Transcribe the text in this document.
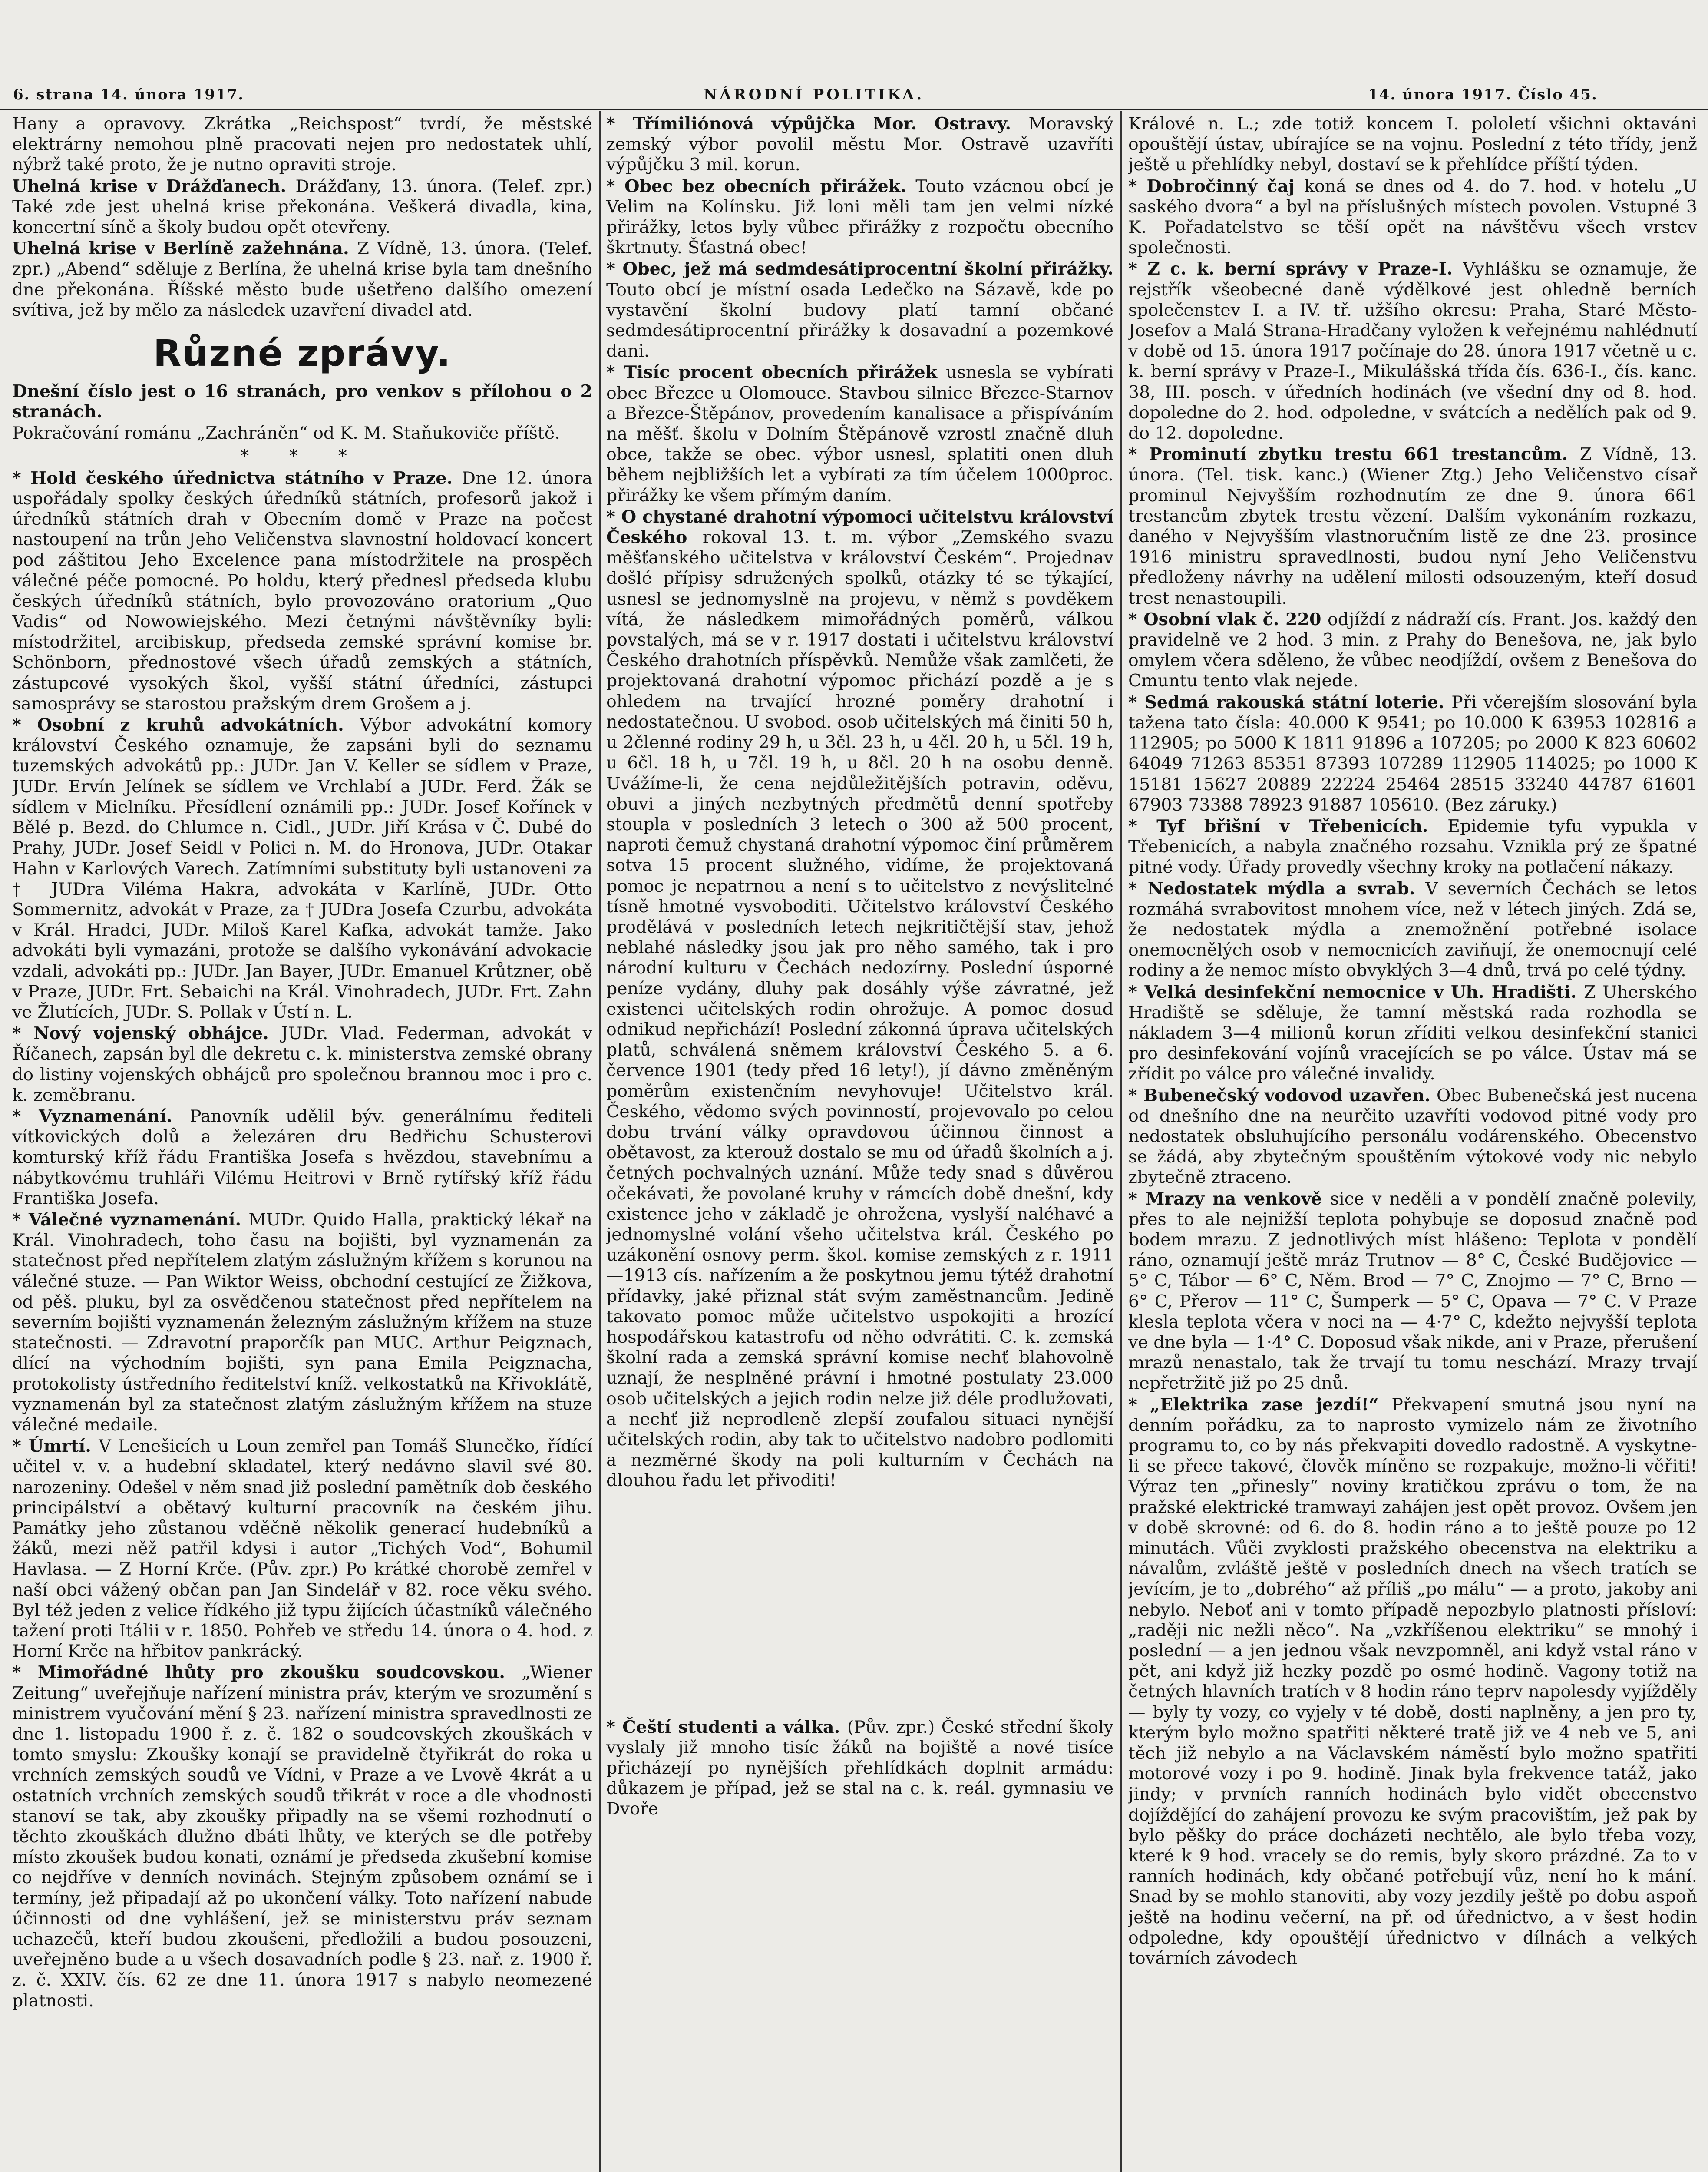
6. strana 14. února 1917.	NÁRODNÍ POLITIKA.	14. února 1917. Číslo 45.

Hany a opravovy. Zkrátka „Reichspost“ tvrdí, že městské elektrárny nemohou plně pracovati nejen pro nedostatek uhlí, nýbrž také proto, že je nutno opraviti stroje.

Uhelná krise v Drážďanech. Drážďany, 13. února. (Telef. zpr.) Také zde jest uhelná krise překonána. Veškerá divadla, kina, koncertní síně a školy budou opět otevřeny.

Uhelná krise v Berlíně zažehnána. Z Vídně, 13. února. (Telef. zpr.) „Abend“ sděluje z Berlína, že uhelná krise byla tam dnešního dne překonána. Říšské město bude ušetřeno dalšího omezení svítiva, jež by mělo za následek uzavření divadel atd.

Různé zprávy.

Dnešní číslo jest o 16 stranách, pro venkov s přílohou o 2 stranách.

Pokračování románu „Zachráněn“ od K. M. Staňukoviče příště.

* * *

* Hold českého úřednictva státního v Praze. Dne 12. února uspořádaly spolky českých úředníků státních, profesorů jakož i úředníků státních drah v Obecním domě v Praze na počest nastoupení na trůn Jeho Veličenstva slavnostní holdovací koncert pod záštitou Jeho Excelence pana místodržitele na prospěch válečné péče pomocné. Po holdu, který přednesl předseda klubu českých úředníků státních, bylo provozováno oratorium „Quo Vadis“ od Nowowiejského. Mezi četnými návštěvníky byli: místodržitel, arcibiskup, předseda zemské správní komise br. Schönborn, přednostové všech úřadů zemských a státních, zástupcové vysokých škol, vyšší státní úředníci, zástupci samosprávy se starostou pražským drem Grošem a j.

* Osobní z kruhů advokátních. Výbor advokátní komory království Českého oznamuje, že zapsáni byli do seznamu tuzemských advokátů pp.: JUDr. Jan V. Keller se sídlem v Praze, JUDr. Ervín Jelínek se sídlem ve Vrchlabí a JUDr. Ferd. Žák se sídlem v Mielníku. Přesídlení oznámili pp.: JUDr. Josef Kořínek v Bělé p. Bezd. do Chlumce n. Cidl., JUDr. Jiří Krása v Č. Dubé do Prahy, JUDr. Josef Seidl v Polici n. M. do Hronova, JUDr. Otakar Hahn v Karlových Varech. Zatímními substituty byli ustanoveni za † JUDra Viléma Hakra, advokáta v Karlíně, JUDr. Otto Sommernitz, advokát v Praze, za † JUDra Josefa Czurbu, advokáta v Král. Hradci, JUDr. Miloš Karel Kafka, advokát tamže. Jako advokáti byli vymazáni, protože se dalšího vykonávání advokacie vzdali, advokáti pp.: JUDr. Jan Bayer, JUDr. Emanuel Krůtzner, obě v Praze, JUDr. Frt. Sebaichi na Král. Vinohradech, JUDr. Frt. Zahn ve Žlutících, JUDr. S. Pollak v Ústí n. L.

* Nový vojenský obhájce. JUDr. Vlad. Federman, advokát v Říčanech, zapsán byl dle dekretu c. k. ministerstva zemské obrany do listiny vojenských obhájců pro společnou brannou moc i pro c. k. zeměbranu.

* Vyznamenání. Panovník udělil býv. generálnímu řediteli vítkovických dolů a železáren dru Bedřichu Schusterovi komturský kříž řádu Františka Josefa s hvězdou, stavebnímu a nábytkovému truhláři Vilému Heitrovi v Brně rytířský kříž řádu Františka Josefa.

* Válečné vyznamenání. MUDr. Quido Halla, praktický lékař na Král. Vinohradech, toho času na bojišti, byl vyznamenán za statečnost před nepřítelem zlatým záslužným křížem s korunou na válečné stuze. — Pan Wiktor Weiss, obchodní cestující ze Žižkova, od pěš. pluku, byl za osvědčenou statečnost před nepřítelem na severním bojišti vyznamenán železným záslužným křížem na stuze statečnosti. — Zdravotní praporčík pan MUC. Arthur Peigznach, dlící na východním bojišti, syn pana Emila Peigznacha, protokolisty ústředního ředitelství kníž. velkostatků na Křivoklátě, vyznamenán byl za statečnost zlatým záslužným křížem na stuze válečné medaile.

* Úmrtí. V Lenešicích u Loun zemřel pan Tomáš Slunečko, řídící učitel v. v. a hudební skladatel, který nedávno slavil své 80. narozeniny. Odešel v něm snad již poslední pamětník dob českého principálství a obětavý kulturní pracovník na českém jihu. Památky jeho zůstanou vděčně několik generací hudebníků a žáků, mezi něž patřil kdysi i autor „Tichých Vod“, Bohumil Havlasa. — Z Horní Krče. (Pův. zpr.) Po krátké chorobě zemřel v naší obci vážený občan pan Jan Sindelář v 82. roce věku svého. Byl též jeden z velice řídkého již typu žijících účastníků válečného tažení proti Itálii v r. 1850. Pohřeb ve středu 14. února o 4. hod. z Horní Krče na hřbitov pankrácký.

* Mimořádné lhůty pro zkoušku soudcovskou. „Wiener Zeitung“ uveřejňuje nařízení ministra práv, kterým ve srozumění s ministrem vyučování mění § 23. nařízení ministra spravedlnosti ze dne 1. listopadu 1900 ř. z. č. 182 o soudcovských zkouškách v tomto smyslu: Zkoušky konají se pravidelně čtyřikrát do roka u vrchních zemských soudů ve Vídni, v Praze a ve Lvově 4krát a u ostatních vrchních zemských soudů třikrát v roce a dle vhodnosti stanoví se tak, aby zkoušky připadly na se všemi rozhodnutí o těchto zkouškách dlužno dbáti lhůty, ve kterých se dle potřeby místo zkoušek budou konati, oznámí je předseda zkušební komise co nejdříve v denních novinách. Stejným způsobem oznámí se i termíny, jež připadají až po ukončení války. Toto nařízení nabude účinnosti od dne vyhlášení, jež se ministerstvu práv seznam uchazečů, kteří budou zkoušeni, předložili a budou posouzeni, uveřejněno bude a u všech dosavadních podle § 23. nař. z. 1900 ř. z. č. XXIV. čís. 62 ze dne 11. února 1917 s nabylo neomezené platnosti.

* Třímiliónová výpůjčka Mor. Ostravy. Moravský zemský výbor povolil městu Mor. Ostravě uzavříti výpůjčku 3 mil. korun.

* Obec bez obecních přirážek. Touto vzácnou obcí je Velim na Kolínsku. Již loni měli tam jen velmi nízké přirážky, letos byly vůbec přirážky z rozpočtu obecního škrtnuty. Šťastná obec!

* Obec, jež má sedmdesátiprocentní školní přirážky. Touto obcí je místní osada Ledečko na Sázavě, kde po vystavění školní budovy platí tamní občané sedmdesátiprocentní přirážky k dosavadní a pozemkové dani.

* Tisíc procent obecních přirážek usnesla se vybírati obec Březce u Olomouce. Stavbou silnice Březce-Starnov a Březce-Štěpánov, provedením kanalisace a přispíváním na měšť. školu v Dolním Štěpánově vzrostl značně dluh obce, takže se obec. výbor usnesl, splatiti onen dluh během nejbližších let a vybírati za tím účelem 1000proc. přirážky ke všem přímým daním.

* O chystané drahotní výpomoci učitelstvu království Českého rokoval 13. t. m. výbor „Zemského svazu měšťanského učitelstva v království Českém“. Projednav došlé přípisy sdružených spolků, otázky té se týkající, usnesl se jednomyslně na projevu, v němž s povděkem vítá, že následkem mimořádných poměrů, válkou povstalých, má se v r. 1917 dostati i učitelstvu království Českého drahotních příspěvků. Nemůže však zamlčeti, že projektovaná drahotní výpomoc přichází pozdě a je s ohledem na trvající hrozné poměry drahotní i nedostatečnou. U svobod. osob učitelských má činiti 50 h, u 2členné rodiny 29 h, u 3čl. 23 h, u 4čl. 20 h, u 5čl. 19 h, u 6čl. 18 h, u 7čl. 19 h, u 8čl. 20 h na osobu denně. Uvážíme-li, že cena nejdůležitějších potravin, oděvu, obuvi a jiných nezbytných předmětů denní spotřeby stoupla v posledních 3 letech o 300 až 500 procent, naproti čemuž chystaná drahotní výpomoc činí průměrem sotva 15 procent služného, vidíme, že projektovaná pomoc je nepatrnou a není s to učitelstvo z nevýslitelné tísně hmotné vysvoboditi. Učitelstvo království Českého prodělává v posledních letech nejkritičtější stav, jehož neblahé následky jsou jak pro něho samého, tak i pro národní kulturu v Čechách nedozírny. Poslední úsporné peníze vydány, dluhy pak dosáhly výše závratné, jež existenci učitelských rodin ohrožuje. A pomoc dosud odnikud nepřichází! Poslední zákonná úprava učitelských platů, schválená sněmem království Českého 5. a 6. července 1901 (tedy před 16 lety!), jí dávno změněným poměrům existenčním nevyhovuje! Učitelstvo král. Českého, vědomo svých povinností, projevovalo po celou dobu trvání války opravdovou účinnou činnost a obětavost, za kterouž dostalo se mu od úřadů školních a j. četných pochvalných uznání. Může tedy snad s důvěrou očekávati, že povolané kruhy v rámcích době dnešní, kdy existence jeho v základě je ohrožena, vyslyší naléhavé a jednomyslné volání všeho učitelstva král. Českého po uzákonění osnovy perm. škol. komise zemských z r. 1911—1913 cís. nařízením a že poskytnou jemu týtéž drahotní přídavky, jaké přiznal stát svým zaměstnancům. Jedině takovato pomoc může učitelstvo uspokojiti a hrozící hospodářskou katastrofu od něho odvrátiti. C. k. zemská školní rada a zemská správní komise nechť blahovolně uznají, že nesplněné právní i hmotné postulaty 23.000 osob učitelských a jejich rodin nelze již déle prodlužovati, a nechť již neprodleně zlepší zoufalou situaci nynější učitelských rodin, aby tak to učitelstvo nadobro podlomiti a nezměrné škody na poli kulturním v Čechách na dlouhou řadu let přivoditi!

* Čeští studenti a válka. (Pův. zpr.) České střední školy vyslaly již mnoho tisíc žáků na bojiště a nové tisíce přicházejí po nynějších přehlídkách doplnit armádu: důkazem je případ, jež se stal na c. k. reál. gymnasiu ve Dvoře

Králové n. L.; zde totiž koncem I. pololetí všichni oktaváni opouštějí ústav, ubírajíce se na vojnu. Poslední z této třídy, jenž ještě u přehlídky nebyl, dostaví se k přehlídce příští týden.

* Dobročinný čaj koná se dnes od 4. do 7. hod. v hotelu „U saského dvora“ a byl na příslušných místech povolen. Vstupné 3 K. Pořadatelstvo se těší opět na návštěvu všech vrstev společnosti.

* Z c. k. berní správy v Praze-I. Vyhlášku se oznamuje, že rejstřík všeobecné daně výdělkové jest ohledně berních společenstev I. a IV. tř. užšího okresu: Praha, Staré Město-Josefov a Malá Strana-Hradčany vyložen k veřejnému nahlédnutí v době od 15. února 1917 počínaje do 28. února 1917 včetně u c. k. berní správy v Praze-I., Mikulášská třída čís. 636-I., čís. kanc. 38, III. posch. v úředních hodinách (ve všední dny od 8. hod. dopoledne do 2. hod. odpoledne, v svátcích a nedělích pak od 9. do 12. dopoledne.

* Prominutí zbytku trestu 661 trestancům. Z Vídně, 13. února. (Tel. tisk. kanc.) (Wiener Ztg.) Jeho Veličenstvo císař prominul Nejvyšším rozhodnutím ze dne 9. února 661 trestancům zbytek trestu vězení. Dalším vykonáním rozkazu, daného v Nejvyšším vlastnoručním listě ze dne 23. prosince 1916 ministru spravedlnosti, budou nyní Jeho Veličenstvu předloženy návrhy na udělení milosti odsouzeným, kteří dosud trest nenastoupili.

* Osobní vlak č. 220 odjíždí z nádraží cís. Frant. Jos. každý den pravidelně ve 2 hod. 3 min. z Prahy do Benešova, ne, jak bylo omylem včera sděleno, že vůbec neodjíždí, ovšem z Benešova do Cmuntu tento vlak nejede.

* Sedmá rakouská státní loterie. Při včerejším slosování byla tažena tato čísla: 40.000 K 9541; po 10.000 K 63953 102816 a 112905; po 5000 K 1811 91896 a 107205; po 2000 K 823 60602 64049 71263 85351 87393 107289 112905 114025; po 1000 K 15181 15627 20889 22224 25464 28515 33240 44787 61601 67903 73388 78923 91887 105610. (Bez záruky.)

* Tyf břišní v Třebenicích. Epidemie tyfu vypukla v Třebenicích, a nabyla značného rozsahu. Vznikla prý ze špatné pitné vody. Úřady provedly všechny kroky na potlačení nákazy.

* Nedostatek mýdla a svrab. V severních Čechách se letos rozmáhá svrabovitost mnohem více, než v létech jiných. Zdá se, že nedostatek mýdla a znemožnění potřebné isolace onemocnělých osob v nemocnicích zaviňují, že onemocnují celé rodiny a že nemoc místo obvyklých 3—4 dnů, trvá po celé týdny.

* Velká desinfekční nemocnice v Uh. Hradišti. Z Uherského Hradiště se sděluje, že tamní městská rada rozhodla se nákladem 3—4 milionů korun zříditi velkou desinfekční stanici pro desinfekování vojínů vracejících se po válce. Ústav má se zřídit po válce pro válečné invalidy.

* Bubenečský vodovod uzavřen. Obec Bubenečská jest nucena od dnešního dne na neurčito uzavříti vodovod pitné vody pro nedostatek obsluhujícího personálu vodárenského. Obecenstvo se žádá, aby zbytečným spouštěním výtokové vody nic nebylo zbytečně ztraceno.

* Mrazy na venkově sice v neděli a v pondělí značně polevily, přes to ale nejnižší teplota pohybuje se doposud značně pod bodem mrazu. Z jednotlivých míst hlášeno: Teplota v pondělí ráno, oznamují ještě mráz Trutnov — 8° C, České Budějovice — 5° C, Tábor — 6° C, Něm. Brod — 7° C, Znojmo — 7° C, Brno — 6° C, Přerov — 11° C, Šumperk — 5° C, Opava — 7° C. V Praze klesla teplota včera v noci na — 4·7° C, kdežto nejvyšší teplota ve dne byla — 1·4° C. Doposud však nikde, ani v Praze, přerušení mrazů nenastalo, tak že trvají tu tomu neschází. Mrazy trvají nepřetržitě již po 25 dnů.

* „Elektrika zase jezdí!“ Překvapení smutná jsou nyní na denním pořádku, za to naprosto vymizelo nám ze životního programu to, co by nás překvapiti dovedlo radostně. A vyskytne-li se přece takové, člověk míněno se rozpakuje, možno-li věřiti! Výraz ten „přinesly“ noviny kratičkou zprávu o tom, že na pražské elektrické tramwayi zahájen jest opět provoz. Ovšem jen v době skrovné: od 6. do 8. hodin ráno a to ještě pouze po 12 minutách. Vůči zvyklosti pražského obecenstva na elektriku a návalům, zvláště ještě v posledních dnech na všech tratích se jevícím, je to „dobrého“ až příliš „po málu“ — a proto, jakoby ani nebylo. Neboť ani v tomto případě nepozbylo platnosti přísloví: „raději nic nežli něco“. Na „vzkříšenou elektriku“ se mnohý i poslední — a jen jednou však nevzpomněl, ani když vstal ráno v pět, ani když již hezky pozdě po osmé hodině. Vagony totiž na četných hlavních tratích v 8 hodin ráno teprv napolesdy vyjížděly — byly ty vozy, co vyjely v té době, dosti naplněny, a jen pro ty, kterým bylo možno spatřiti některé tratě již ve 4 neb ve 5, ani těch již nebylo a na Václavském náměstí bylo možno spatřiti motorové vozy i po 9. hodině. Jinak byla frekvence tatáž, jako jindy; v prvních ranních hodinách bylo vidět obecenstvo dojíždějící do zahájení provozu ke svým pracovištím, jež pak by bylo pěšky do práce docházeti nechtělo, ale bylo třeba vozy, které k 9 hod. vracely se do remis, byly skoro prázdné. Za to v ranních hodinách, kdy občané potřebují vůz, není ho k mání. Snad by se mohlo stanoviti, aby vozy jezdily ještě po dobu aspoň ještě na hodinu večerní, na př. od úřednictvo, a v šest hodin odpoledne, kdy opouštějí úřednictvo v dílnách a velkých továrních závodech
